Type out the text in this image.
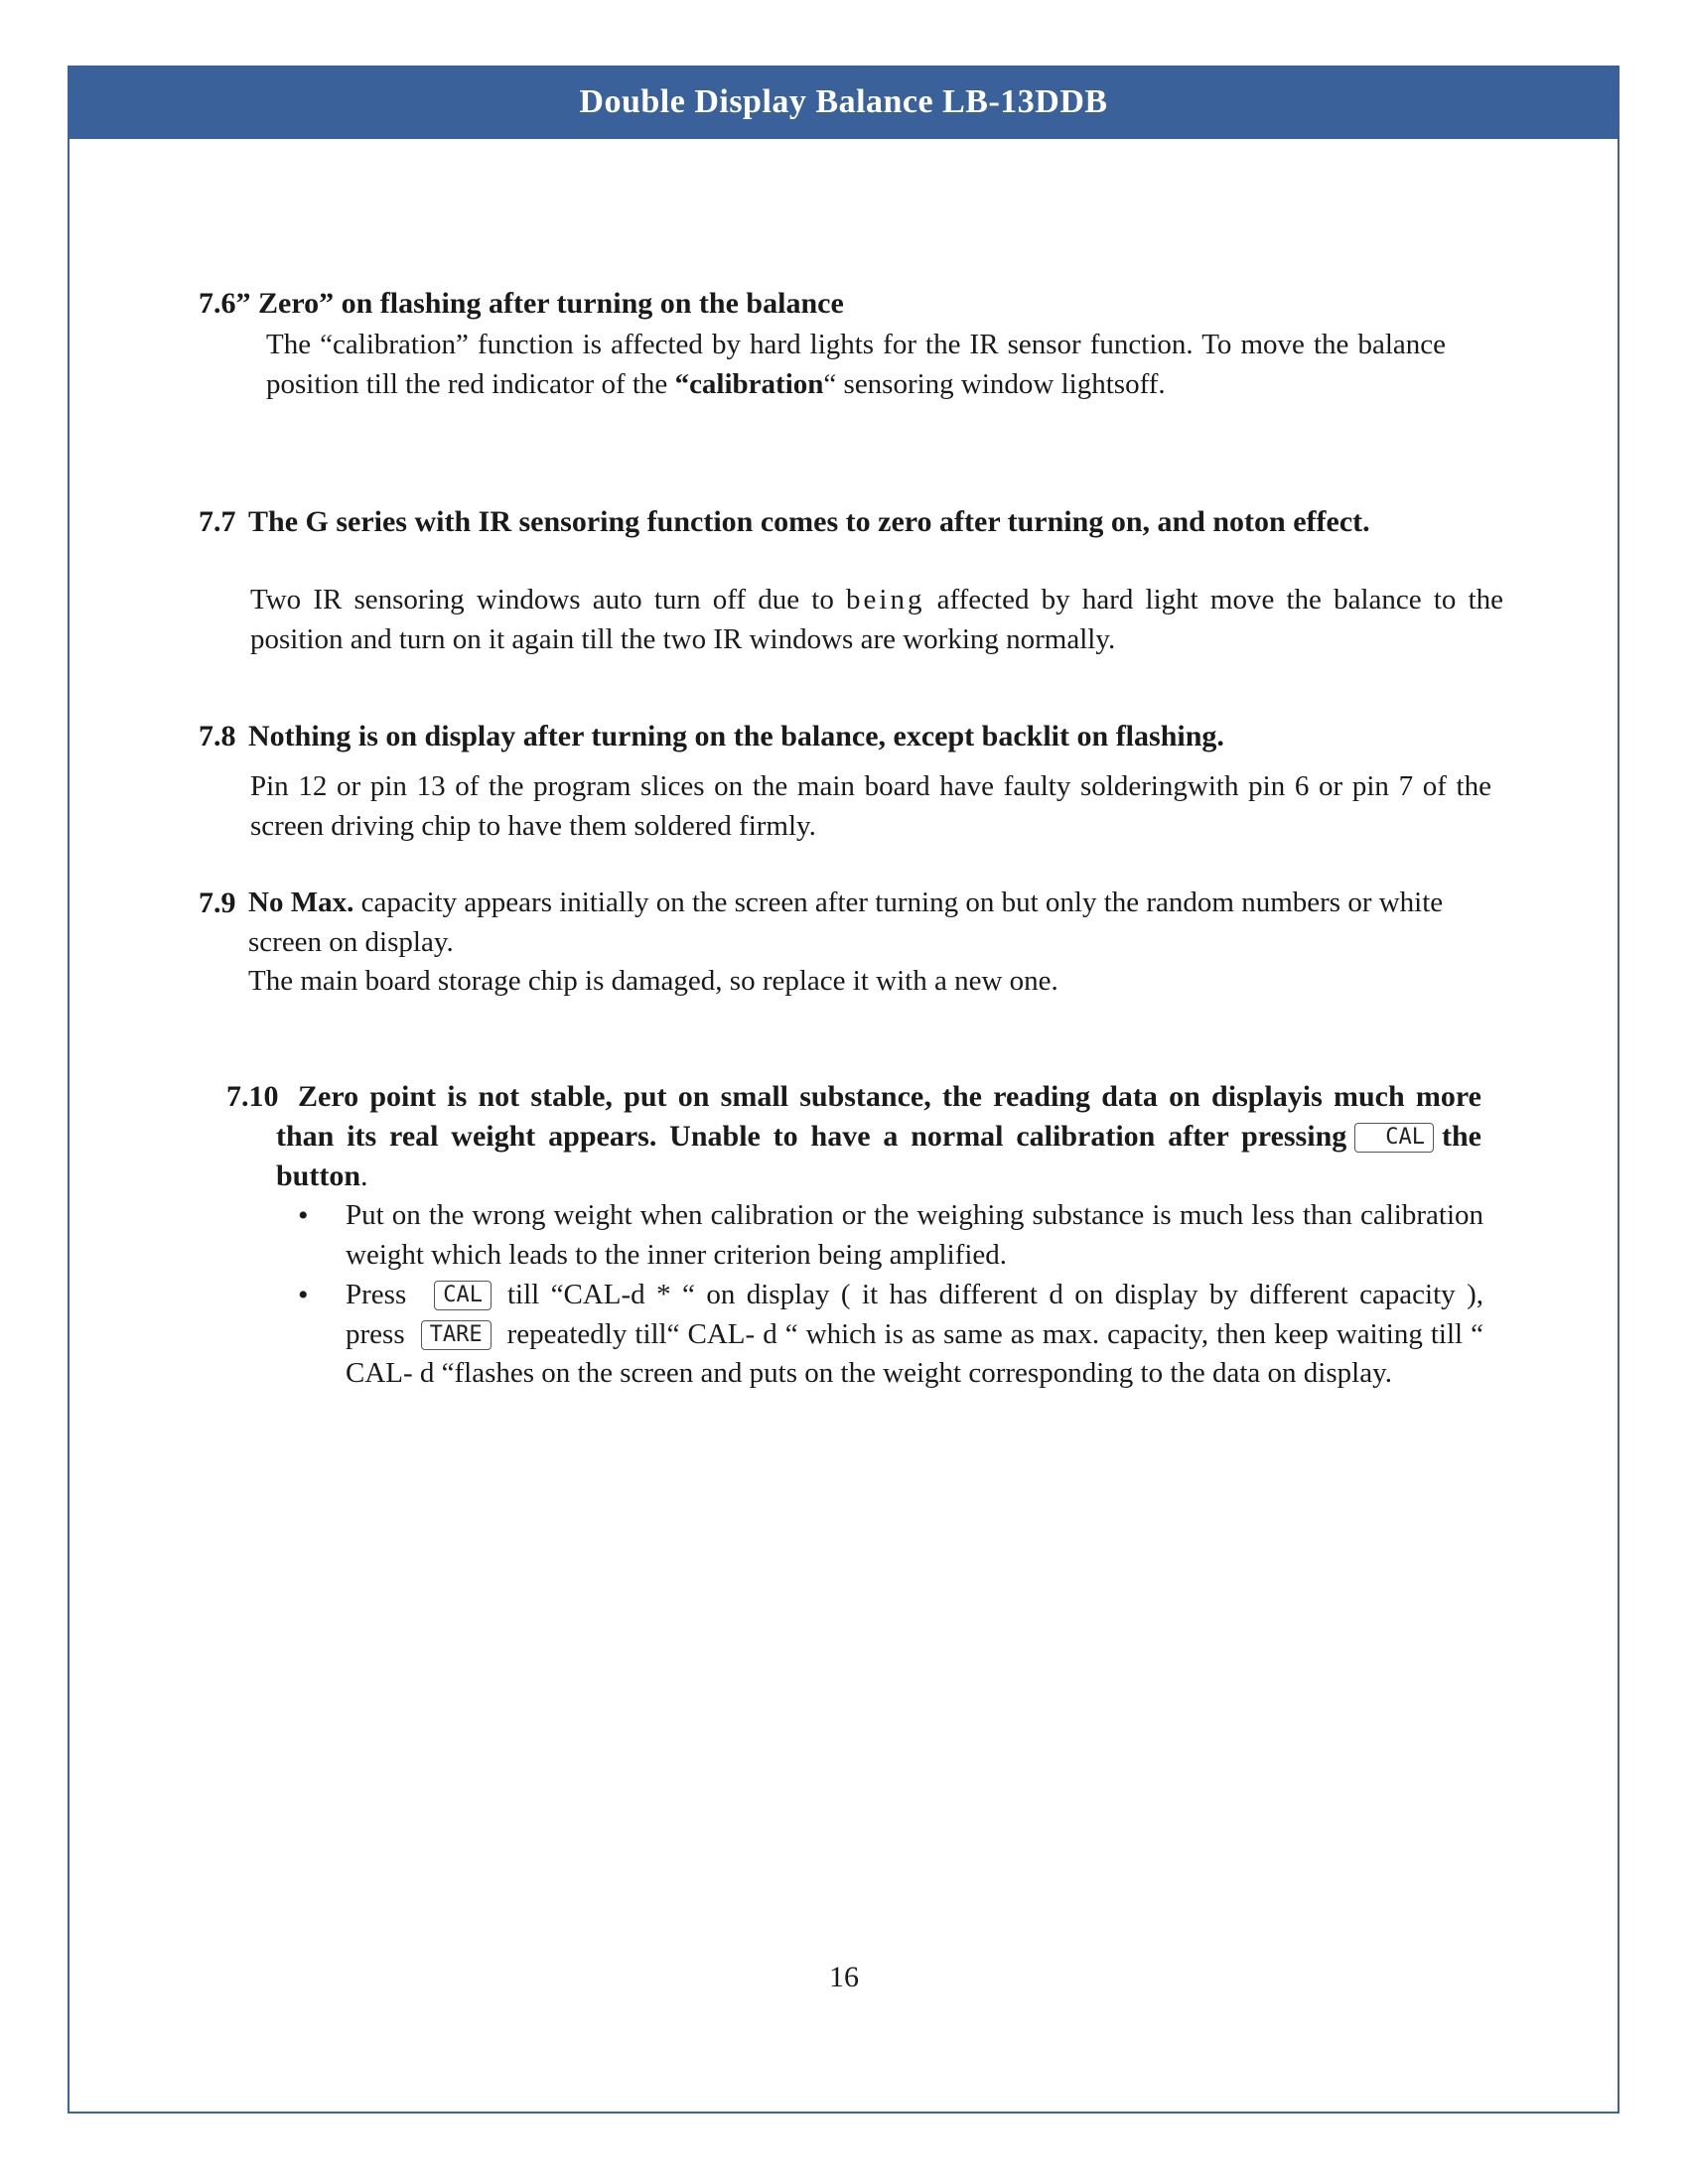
Double Display Balance LB-13DDB
7.6” Zero” on flashing after turning on the balance
The “calibration” function is affected by hard lights for the IR sensor function. To move the balance position till the red indicator of the “calibration“ sensoring window lightsoff.
7.7 The G series with IR sensoring function comes to zero after turning on, and noton effect.
Two IR sensoring windows auto turn off due to being affected by hard light move the balance to the position and turn on it again till the two IR windows are working normally.
7.8 Nothing is on display after turning on the balance, except backlit on flashing.
Pin 12 or pin 13 of the program slices on the main board have faulty solderingwith pin 6 or pin 7 of the screen driving chip to have them soldered firmly.
7.9 No Max. capacity appears initially on the screen after turning on but only the random numbers or white screen on display.
The main board storage chip is damaged, so replace it with a new one.
7.10 Zero point is not stable, put on small substance, the reading data on displayis much more than its real weight appears. Unable to have a normal calibration after pressing CAL the button.
• Put on the wrong weight when calibration or the weighing substance is much less than calibration weight which leads to the inner criterion being amplified.
• Press CAL till “CAL-d * “ on display ( it has different d on display by different capacity ), press TARE repeatedly till“ CAL- d “ which is as same as max. capacity, then keep waiting till “ CAL- d “flashes on the screen and puts on the weight corresponding to the data on display.
16
